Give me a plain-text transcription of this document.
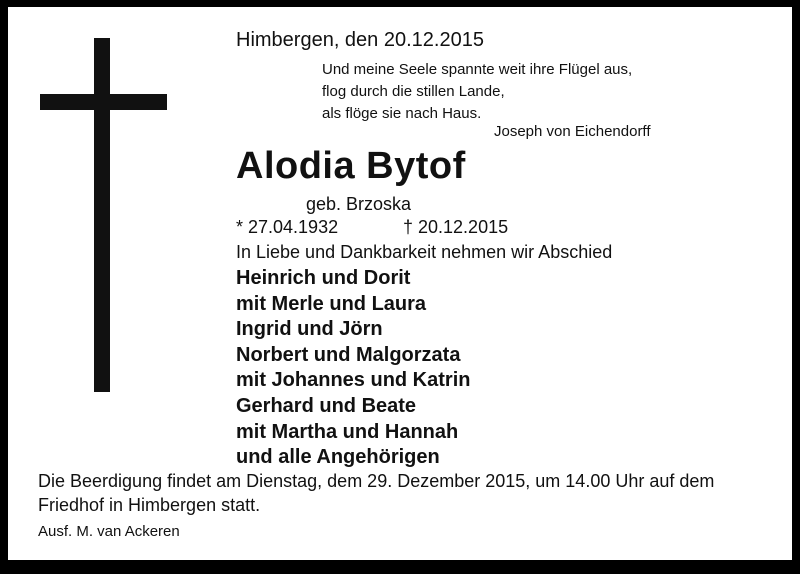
Himbergen, den 20.12.2015
Und meine Seele spannte weit ihre Flügel aus,
flog durch die stillen Lande,
als flöge sie nach Haus.
Joseph von Eichendorff
Alodia Bytof
geb. Brzoska
* 27.04.1932	† 20.12.2015
In Liebe und Dankbarkeit nehmen wir Abschied
Heinrich und Dorit
mit Merle und Laura
Ingrid und Jörn
Norbert und Malgorzata
mit Johannes und Katrin
Gerhard und Beate
mit Martha und Hannah
und alle Angehörigen
Die Beerdigung findet am Dienstag, dem 29. Dezember 2015, um 14.00 Uhr auf dem Friedhof in Himbergen statt.
Ausf. M. van Ackeren
